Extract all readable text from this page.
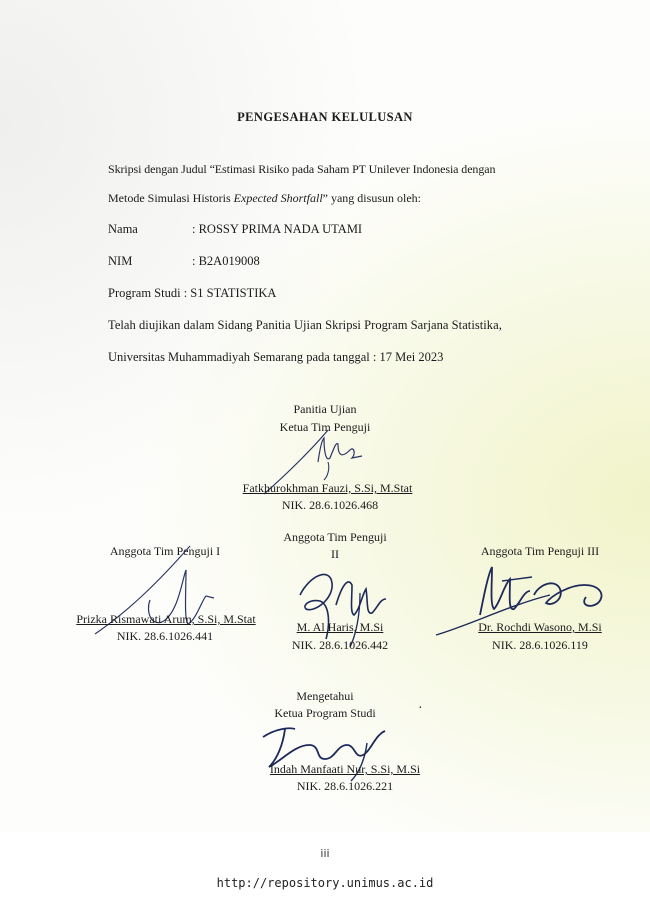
PENGESAHAN KELULUSAN
Skripsi dengan Judul “Estimasi Risiko pada Saham PT Unilever Indonesia dengan
Metode Simulasi Historis Expected Shortfall” yang disusun oleh:
Nama	: ROSSY PRIMA NADA UTAMI
NIM	: B2A019008
Program Studi : S1 STATISTIKA
Telah diujikan dalam Sidang Panitia Ujian Skripsi Program Sarjana Statistika,
Universitas Muhammadiyah Semarang pada tanggal : 17 Mei 2023
Panitia Ujian
Ketua Tim Penguji
Fatkhurokhman Fauzi, S.Si, M.Stat
NIK. 28.6.1026.468
Anggota Tim Penguji I
Prizka Rismawati Arum, S.Si, M.Stat
NIK. 28.6.1026.441
Anggota Tim Penguji
II
M. Al Haris, M.Si
NIK. 28.6.1026.442
Anggota Tim Penguji III
Dr. Rochdi Wasono, M.Si
NIK. 28.6.1026.119
Mengetahui
Ketua Program Studi	·
Indah Manfaati Nur, S.Si, M.Si
NIK. 28.6.1026.221
iii
http://repository.unimus.ac.id
